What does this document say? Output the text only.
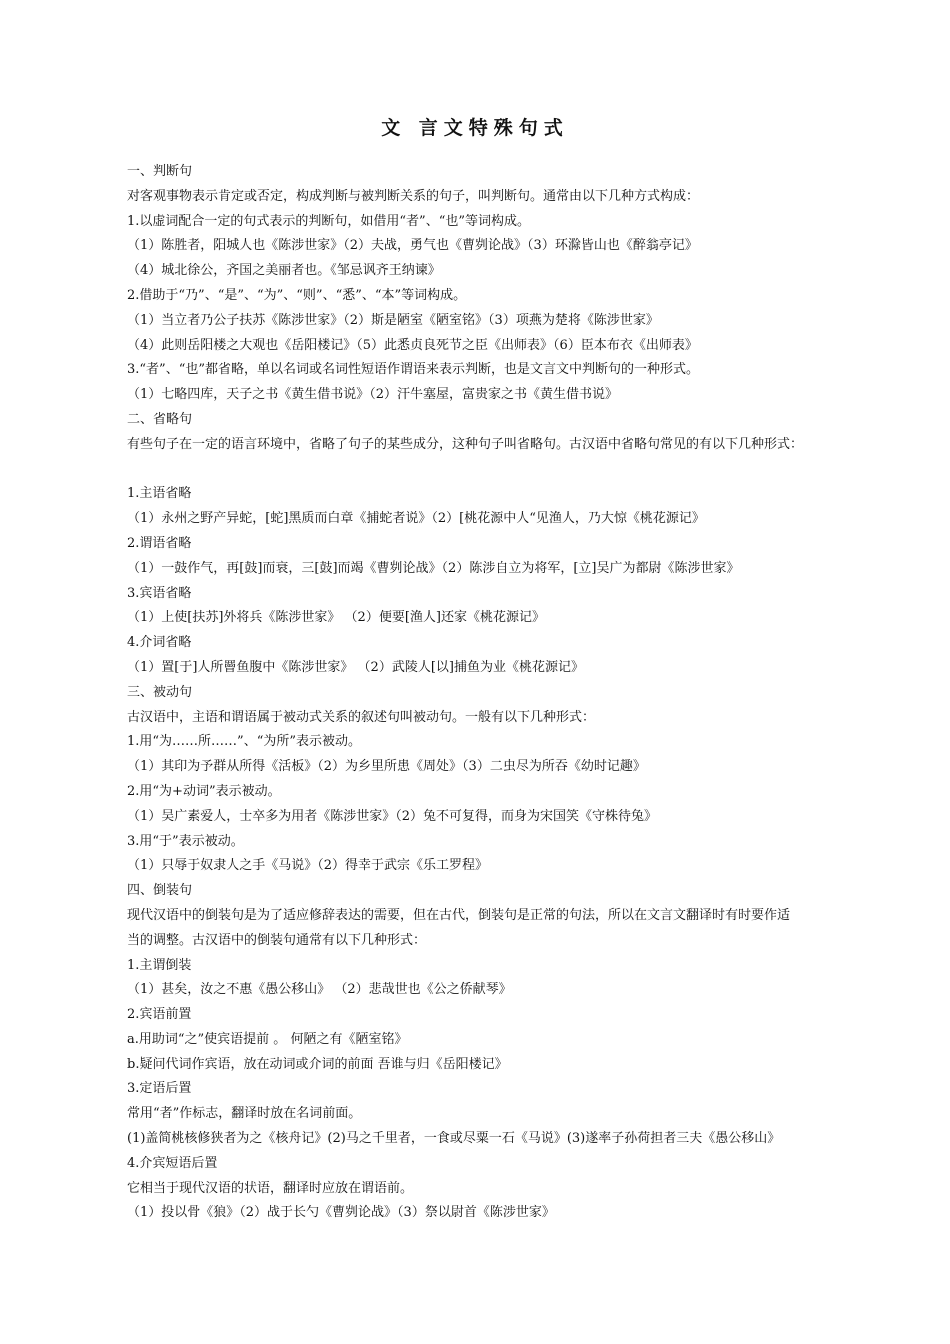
文 言文特殊句式

一、判断句

对客观事物表示肯定或否定，构成判断与被判断关系的句子，叫判断句。通常由以下几种方式构成：

1.以虚词配合一定的句式表示的判断句，如借用“者”、“也”等词构成。

（1）陈胜者，阳城人也《陈涉世家》（2）夫战，勇气也《曹刿论战》（3）环滁皆山也《醉翁亭记》

（4）城北徐公，齐国之美丽者也。《邹忌讽齐王纳谏》

2.借助于“乃”、“是”、“为”、“则”、“悉”、“本”等词构成。

（1）当立者乃公子扶苏《陈涉世家》（2）斯是陋室《陋室铭》（3）项燕为楚将《陈涉世家》

（4）此则岳阳楼之大观也《岳阳楼记》（5）此悉贞良死节之臣《出师表》（6）臣本布衣《出师表》

3.“者”、“也”都省略，单以名词或名词性短语作谓语来表示判断，也是文言文中判断句的一种形式。

（1）七略四库，天子之书《黄生借书说》（2）汗牛塞屋，富贵家之书《黄生借书说》

二、省略句

有些句子在一定的语言环境中，省略了句子的某些成分，这种句子叫省略句。古汉语中省略句常见的有以下几种形式：

1.主语省略

（1）永州之野产异蛇，[蛇]黑质而白章《捕蛇者说》（2）[桃花源中人“见渔人，乃大惊《桃花源记》

2.谓语省略

（1）一鼓作气，再[鼓]而衰，三[鼓]而竭《曹刿论战》（2）陈涉自立为将军，[立]吴广为都尉《陈涉世家》

3.宾语省略

（1）上使[扶苏]外将兵《陈涉世家》 （2）便要[渔人]还家《桃花源记》

4.介词省略

（1）置[于]人所罾鱼腹中《陈涉世家》 （2）武陵人[以]捕鱼为业《桃花源记》

三、被动句

古汉语中，主语和谓语属于被动式关系的叙述句叫被动句。一般有以下几种形式：

1.用“为……所……”、“为所”表示被动。

（1）其印为予群从所得《活板》（2）为乡里所患《周处》（3）二虫尽为所吞《幼时记趣》

2.用“为+动词”表示被动。

（1）吴广素爱人，士卒多为用者《陈涉世家》（2）兔不可复得，而身为宋国笑《守株待兔》

3.用“于”表示被动。

（1）只辱于奴隶人之手《马说》（2）得幸于武宗《乐工罗程》

四、倒装句

现代汉语中的倒装句是为了适应修辞表达的需要，但在古代，倒装句是正常的句法，所以在文言文翻译时有时要作适

当的调整。古汉语中的倒装句通常有以下几种形式：

1.主谓倒装

（1）甚矣，汝之不惠《愚公移山》 （2）悲哉世也《公之侨献琴》

2.宾语前置

a.用助词“之”使宾语提前 。 何陋之有《陋室铭》

b.疑问代词作宾语，放在动词或介词的前面 吾谁与归《岳阳楼记》

3.定语后置

常用“者”作标志，翻译时放在名词前面。

(1)盖简桃核修狭者为之《核舟记》(2)马之千里者，一食或尽粟一石《马说》(3)遂率子孙荷担者三夫《愚公移山》

4.介宾短语后置

它相当于现代汉语的状语，翻译时应放在谓语前。

（1）投以骨《狼》（2）战于长勺《曹刿论战》（3）祭以尉首《陈涉世家》
